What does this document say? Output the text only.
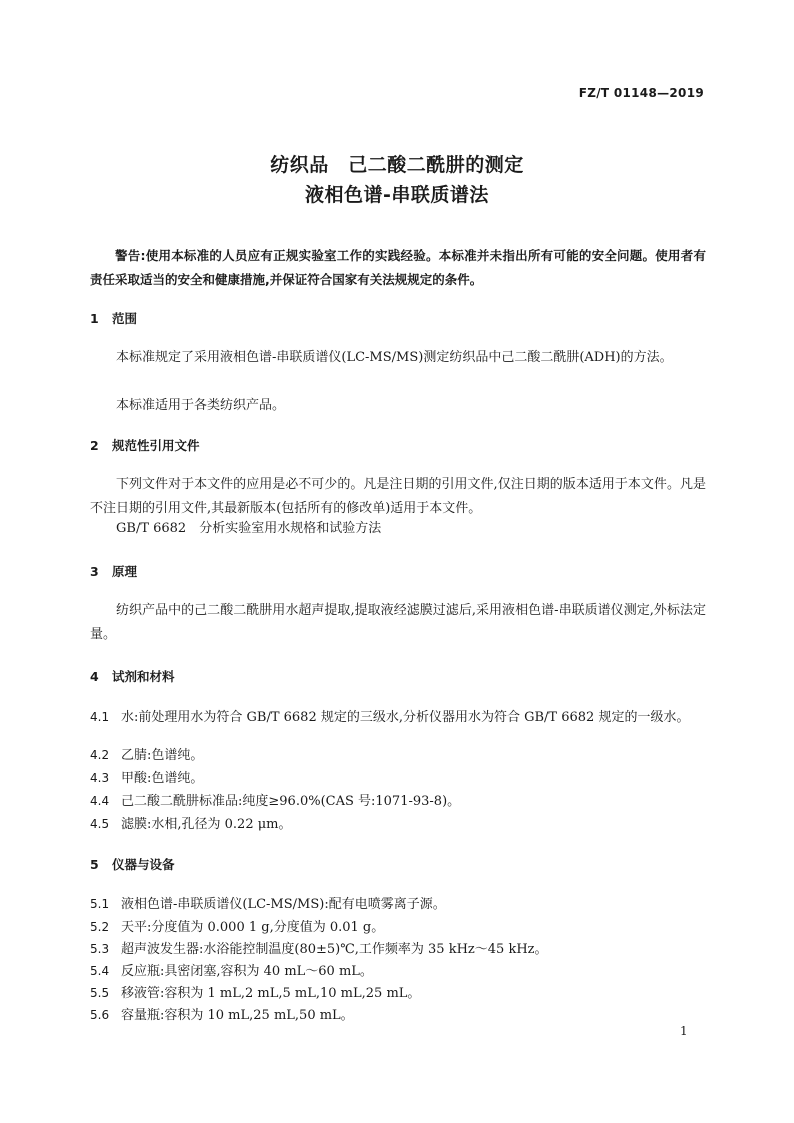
FZ/T 01148—2019
纺织品　己二酸二酰肼的测定
液相色谱-串联质谱法
警告:使用本标准的人员应有正规实验室工作的实践经验。本标准并未指出所有可能的安全问题。使用者有责任采取适当的安全和健康措施,并保证符合国家有关法规规定的条件。
1 范围
本标准规定了采用液相色谱-串联质谱仪(LC-MS/MS)测定纺织品中己二酸二酰肼(ADH)的方法。
本标准适用于各类纺织产品。
2 规范性引用文件
下列文件对于本文件的应用是必不可少的。凡是注日期的引用文件,仅注日期的版本适用于本文件。凡是不注日期的引用文件,其最新版本(包括所有的修改单)适用于本文件。
GB/T 6682　分析实验室用水规格和试验方法
3 原理
纺织产品中的己二酸二酰肼用水超声提取,提取液经滤膜过滤后,采用液相色谱-串联质谱仪测定,外标法定量。
4 试剂和材料
4.1 水:前处理用水为符合 GB/T 6682 规定的三级水,分析仪器用水为符合 GB/T 6682 规定的一级水。
4.2 乙腈:色谱纯。
4.3 甲酸:色谱纯。
4.4 己二酸二酰肼标准品:纯度≥96.0%(CAS 号:1071-93-8)。
4.5 滤膜:水相,孔径为 0.22 μm。
5 仪器与设备
5.1 液相色谱-串联质谱仪(LC-MS/MS):配有电喷雾离子源。
5.2 天平:分度值为 0.000 1 g,分度值为 0.01 g。
5.3 超声波发生器:水浴能控制温度(80±5)℃,工作频率为 35 kHz～45 kHz。
5.4 反应瓶:具密闭塞,容积为 40 mL～60 mL。
5.5 移液管:容积为 1 mL,2 mL,5 mL,10 mL,25 mL。
5.6 容量瓶:容积为 10 mL,25 mL,50 mL。
1
